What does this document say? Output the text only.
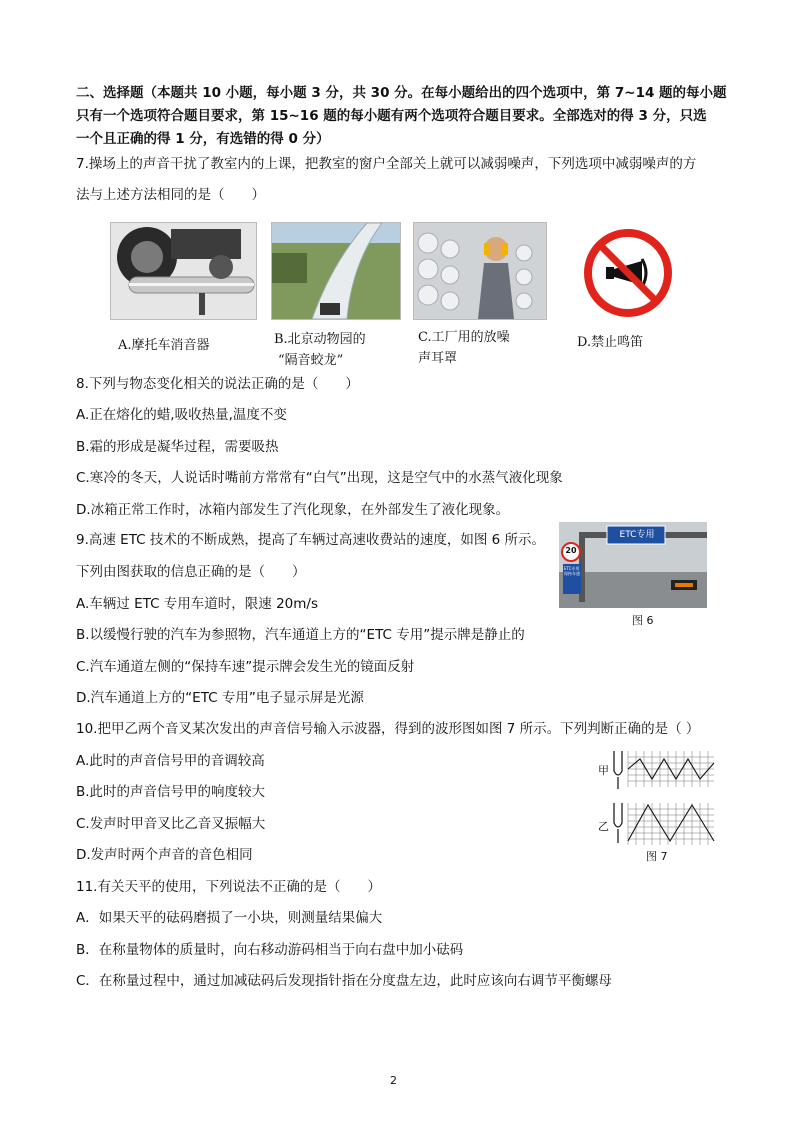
二、选择题（本题共 10 小题，每小题 3 分，共 30 分。在每小题给出的四个选项中，第 7~14 题的每小题
只有一个选项符合题目要求，第 15~16 题的每小题有两个选项符合题目要求。全部选对的得 3 分，只选
一个且正确的得 1 分，有选错的得 0 分）
7.操场上的声音干扰了教室内的上课，把教室的窗户全部关上就可以减弱噪声，下列选项中减弱噪声的方
法与上述方法相同的是（　　）
A.摩托车消音器	B.北京动物园的
“隔音蛟龙”
C.工厂用的放噪
声耳罩
D.禁止鸣笛
8.下列与物态变化相关的说法正确的是（　　）
A.正在熔化的蜡,吸收热量,温度不变
B.霜的形成是凝华过程，需要吸热
C.寒冷的冬天，人说话时嘴前方常常有“白气”出现，这是空气中的水蒸气液化现象
D.冰箱正常工作时，冰箱内部发生了汽化现象，在外部发生了液化现象。
9.高速 ETC 技术的不断成熟，提高了车辆过高速收费站的速度，如图 6 所示。
下列由图获取的信息正确的是（　　）
A.车辆过 ETC 专用车道时，限速 20m/s
B.以缓慢行驶的汽车为参照物，汽车通道上方的“ETC 专用”提示牌是静止的
C.汽车通道左侧的“保持车速”提示牌会发生光的镜面反射
D.汽车通道上方的“ETC 专用”电子显示屏是光源
ETC专用
20
ETC专用 保持车速
图 6
10.把甲乙两个音叉某次发出的声音信号输入示波器，得到的波形图如图 7 所示。下列判断正确的是（ ）
A.此时的声音信号甲的音调较高
B.此时的声音信号甲的响度较大
C.发声时甲音叉比乙音叉振幅大
D.发声时两个声音的音色相同
甲
乙
图 7
11.有关天平的使用，下列说法不正确的是（　　）
A．如果天平的砝码磨损了一小块，则测量结果偏大
B．在称量物体的质量时，向右移动游码相当于向右盘中加小砝码
C．在称量过程中，通过加减砝码后发现指针指在分度盘左边，此时应该向右调节平衡螺母
2
